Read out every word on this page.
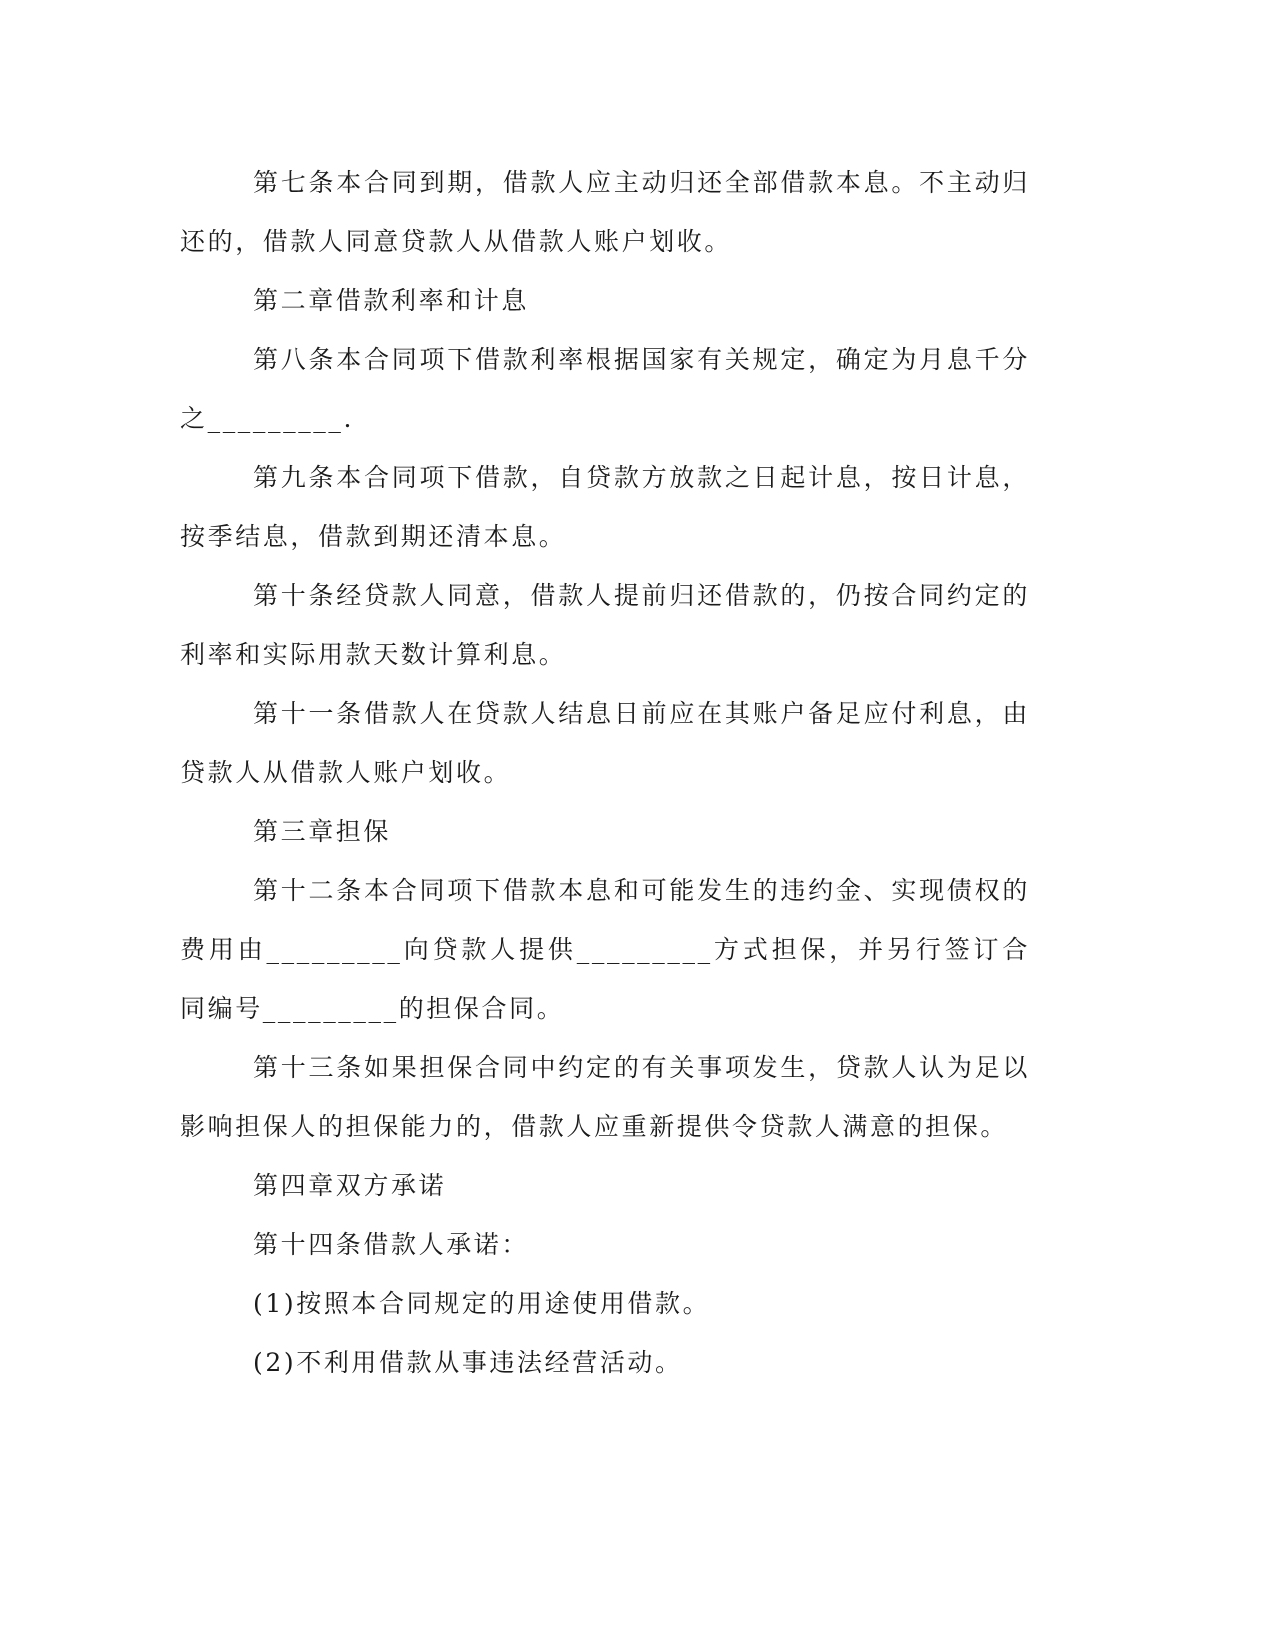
第七条本合同到期，借款人应主动归还全部借款本息。不主动归还的，借款人同意贷款人从借款人账户划收。

第二章借款利率和计息

第八条本合同项下借款利率根据国家有关规定，确定为月息千分之_________.

第九条本合同项下借款，自贷款方放款之日起计息，按日计息，按季结息，借款到期还清本息。

第十条经贷款人同意，借款人提前归还借款的，仍按合同约定的利率和实际用款天数计算利息。

第十一条借款人在贷款人结息日前应在其账户备足应付利息，由贷款人从借款人账户划收。

第三章担保

第十二条本合同项下借款本息和可能发生的违约金、实现债权的费用由_________向贷款人提供_________方式担保，并另行签订合同编号_________的担保合同。

第十三条如果担保合同中约定的有关事项发生，贷款人认为足以影响担保人的担保能力的，借款人应重新提供令贷款人满意的担保。

第四章双方承诺

第十四条借款人承诺：

(1)按照本合同规定的用途使用借款。

(2)不利用借款从事违法经营活动。
